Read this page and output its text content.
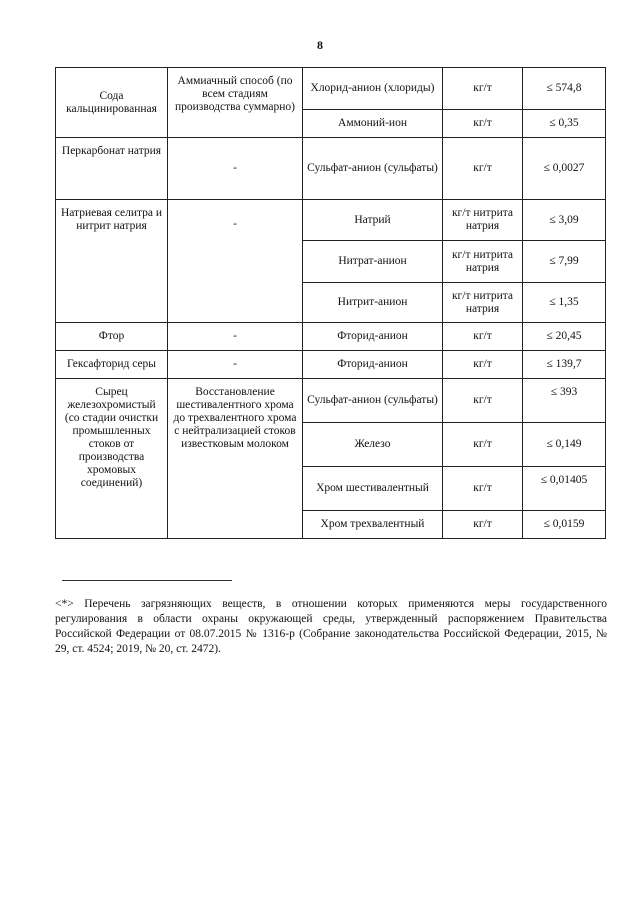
8
Сода кальцинированная	Аммиачный способ (по всем стадиям производства суммарно)	Хлорид-анион (хлориды)	кг/т	≤ 574,8
		Аммоний-ион	кг/т	≤ 0,35
Перкарбонат натрия	-	Сульфат-анион (сульфаты)	кг/т	≤ 0,0027
Натриевая селитра и нитрит натрия	-	Натрий	кг/т нитрита натрия	≤ 3,09
		Нитрат-анион	кг/т нитрита натрия	≤ 7,99
		Нитрит-анион	кг/т нитрита натрия	≤ 1,35
Фтор	-	Фторид-анион	кг/т	≤ 20,45
Гексафторид серы	-	Фторид-анион	кг/т	≤ 139,7
Сырец железохромистый (со стадии очистки промышленных стоков от производства хромовых соединений)	Восстановление шестивалентного хрома до трехвалентного хрома с нейтрализацией стоков известковым молоком	Сульфат-анион (сульфаты)	кг/т	≤ 393
		Железо	кг/т	≤ 0,149
		Хром шестивалентный	кг/т	≤ 0,01405
		Хром трехвалентный	кг/т	≤ 0,0159
<*> Перечень загрязняющих веществ, в отношении которых применяются меры государственного регулирования в области охраны окружающей среды, утвержденный распоряжением Правительства Российской Федерации от 08.07.2015 № 1316-р (Собрание законодательства Российской Федерации, 2015, № 29, ст. 4524; 2019, № 20, ст. 2472).
